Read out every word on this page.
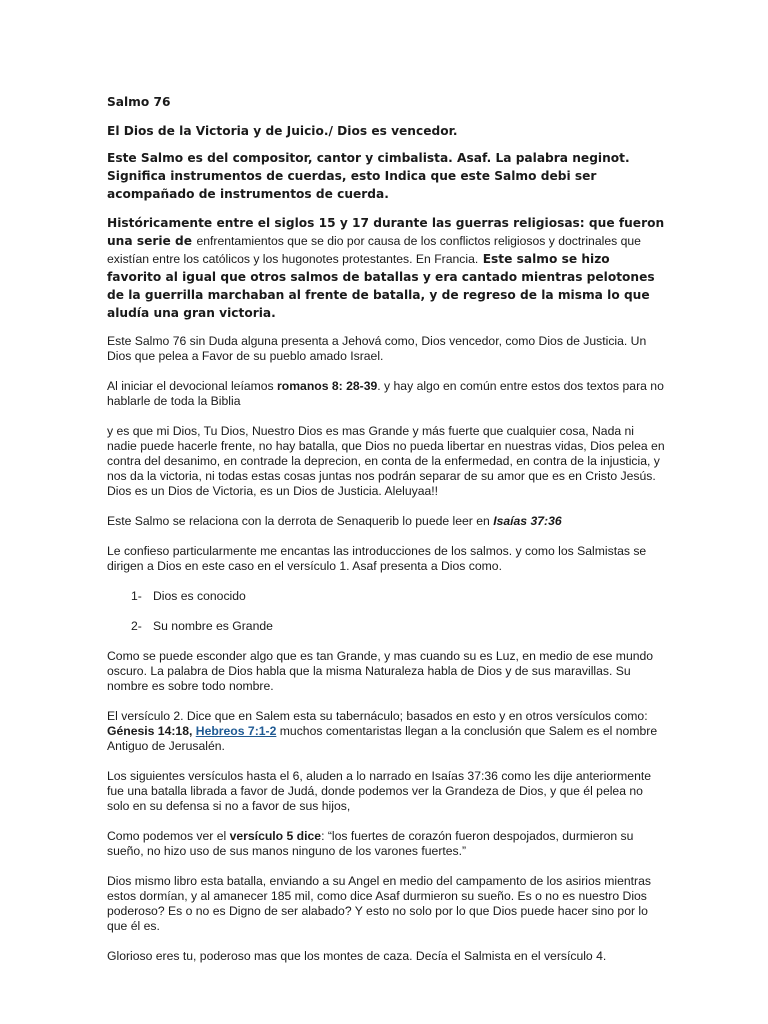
Salmo 76

El Dios de la Victoria y de Juicio./ Dios es vencedor.

Este Salmo es del compositor, cantor y cimbalista. Asaf. La palabra neginot. Significa instrumentos de cuerdas, esto Indica que este Salmo debi ser acompañado de instrumentos de cuerda.

Históricamente entre el siglos 15 y 17 durante las guerras religiosas: que fueron una serie de enfrentamientos que se dio por causa de los conflictos religiosos y doctrinales que existían entre los católicos y los hugonotes protestantes. En Francia. Este salmo se hizo favorito al igual que otros salmos de batallas y era cantado mientras pelotones de la guerrilla marchaban al frente de batalla, y de regreso de la misma lo que aludía una gran victoria.

Este Salmo 76 sin Duda alguna presenta a Jehová como, Dios vencedor, como Dios de Justicia. Un Dios que pelea a Favor de su pueblo amado Israel.

Al iniciar el devocional leíamos romanos 8: 28-39. y hay algo en común entre estos dos textos para no hablarle de toda la Biblia

y es que mi Dios, Tu Dios, Nuestro Dios es mas Grande y más fuerte que cualquier cosa, Nada ni nadie puede hacerle frente, no hay batalla, que Dios no pueda libertar en nuestras vidas, Dios pelea en contra del desanimo, en contrade la deprecion, en conta de la enfermedad, en contra de la injusticia, y nos da la victoria, ni todas estas cosas juntas nos podrán separar de su amor que es en Cristo Jesús. Dios es un Dios de Victoria, es un Dios de Justicia. Aleluyaa!!

Este Salmo se relaciona con la derrota de Senaquerib lo puede leer en Isaías 37:36

Le confieso particularmente me encantas las introducciones de los salmos. y como los Salmistas se dirigen a Dios en este caso en el versículo 1. Asaf presenta a Dios como.

1- Dios es conocido
2- Su nombre es Grande

Como se puede esconder algo que es tan Grande, y mas cuando su es Luz, en medio de ese mundo oscuro. La palabra de Dios habla que la misma Naturaleza habla de Dios y de sus maravillas. Su nombre es sobre todo nombre.

El versículo 2. Dice que en Salem esta su tabernáculo; basados en esto y en otros versículos como: Génesis 14:18, Hebreos 7:1-2 muchos comentaristas llegan a la conclusión que Salem es el nombre Antiguo de Jerusalén.

Los siguientes versículos hasta el 6, aluden a lo narrado en Isaías 37:36 como les dije anteriormente fue una batalla librada a favor de Judá, donde podemos ver la Grandeza de Dios, y que él pelea no solo en su defensa si no a favor de sus hijos,

Como podemos ver el versículo 5 dice: “los fuertes de corazón fueron despojados, durmieron su sueño, no hizo uso de sus manos ninguno de los varones fuertes.”

Dios mismo libro esta batalla, enviando a su Angel en medio del campamento de los asirios mientras estos dormían, y al amanecer 185 mil, como dice Asaf durmieron su sueño. Es o no es nuestro Dios poderoso? Es o no es Digno de ser alabado? Y esto no solo por lo que Dios puede hacer sino por lo que él es.

Glorioso eres tu, poderoso mas que los montes de caza. Decía el Salmista en el versículo 4.
